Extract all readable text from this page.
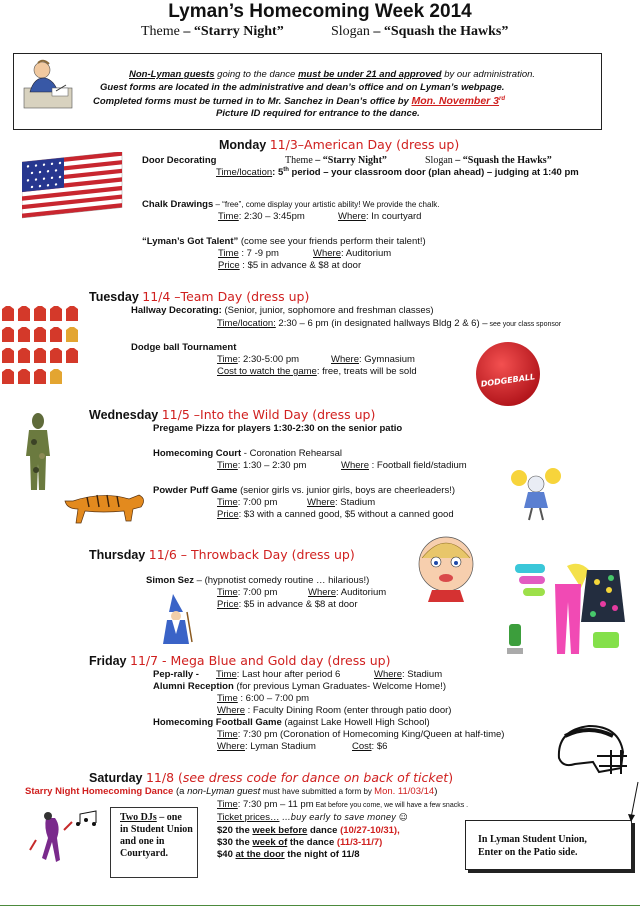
Lyman’s Homecoming Week 2014
Theme – “Starry Night”	Slogan – “Squash the Hawks”
Non-Lyman guests going to the dance must be under 21 and approved by our administration.
Guest forms are located in the administrative and dean’s office and on Lyman’s webpage.
Completed forms must be turned in to Mr. Sanchez in Dean’s office by Mon. November 3rd
Picture ID required for entrance to the dance.
Monday 11/3–American Day (dress up)
Door Decorating	Theme – “Starry Night”	Slogan – “Squash the Hawks”
Time/location: 5th period – your classroom door (plan ahead) – judging at 1:40 pm
Chalk Drawings – “free”, come display your artistic ability! We provide the chalk.
Time: 2:30 – 3:45pm	Where: In courtyard
“Lyman’s Got Talent” (come see your friends perform their talent!)
Time : 7 -9 pm	Where: Auditorium
Price : $5 in advance & $8 at door
Tuesday 11/4 –Team Day (dress up)
Hallway Decorating: (Senior, junior, sophomore and freshman classes)
Time/location: 2:30 – 6 pm (in designated hallways Bldg 2 & 6) – see your class sponsor
Dodge ball Tournament
Time: 2:30-5:00 pm	Where: Gymnasium
Cost to watch the game: free, treats will be sold
DODGEBALL
Wednesday 11/5 –Into the Wild Day (dress up)
Pregame Pizza for players 1:30-2:30 on the senior patio
Homecoming Court - Coronation Rehearsal
Time: 1:30 – 2:30 pm	Where : Football field/stadium
Powder Puff Game (senior girls vs. junior girls, boys are cheerleaders!)
Time: 7:00 pm	Where: Stadium
Price: $3 with a canned good, $5 without a canned good
Thursday 11/6 – Throwback Day (dress up)
Simon Sez – (hypnotist comedy routine … hilarious!)
Time: 7:00 pm	Where: Auditorium
Price: $5 in advance & $8 at door
Friday 11/7 - Mega Blue and Gold day (dress up)
Pep-rally - Time: Last hour after period 6	Where: Stadium
Alumni Reception (for previous Lyman Graduates- Welcome Home!)
Time : 6:00 – 7:00 pm
Where : Faculty Dining Room (enter through patio door)
Homecoming Football Game (against Lake Howell High School)
Time: 7:30 pm (Coronation of Homecoming King/Queen at half-time)
Where: Lyman Stadium	Cost: $6
Saturday 11/8 (see dress code for dance on back of ticket)
Starry Night Homecoming Dance (a non-Lyman guest must have submitted a form by Mon. 11/03/14)
Time: 7:30 pm – 11 pm Eat before you come, we will have a few snacks .
Ticket prices… …buy early to save money ☺
$20 the week before dance (10/27-10/31),
$30 the week of the dance (11/3-11/7)
$40 at the door the night of 11/8
Two DJs – one
in Student Union
and one in
Courtyard.
In Lyman Student Union,
Enter on the Patio side.
